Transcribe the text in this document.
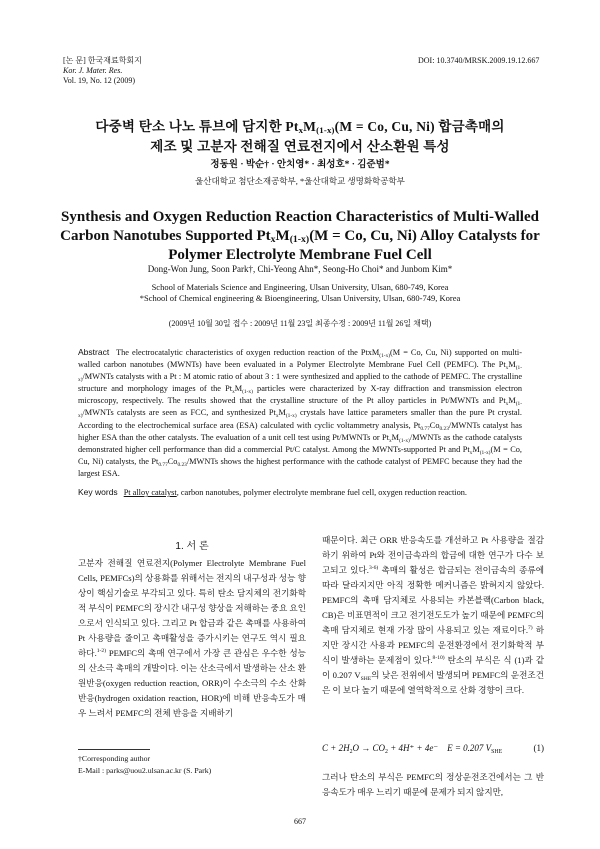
[논 문] 한국재료학회지
Kor. J. Mater. Res.
Vol. 19, No. 12 (2009)
DOI: 10.3740/MRSK.2009.19.12.667
다중벽 탄소 나노 튜브에 담지한 $Pt_xM_{(1-x)}(M = Co$, Cu, Ni) 합금촉매의
제조 및 고분자 전해질 연료전지에서 산소환원 특성
정동원 · 박순† · 안치영* · 최성호* · 김준범*
울산대학교 첨단소재공학부, *울산대학교 생명화학공학부
Synthesis and Oxygen Reduction Reaction Characteristics of Multi-Walled
Carbon Nanotubes Supported $Pt_xM_{(1-x)}(M = Co$, Cu, Ni) Alloy Catalysts for
Polymer Electrolyte Membrane Fuel Cell
Dong-Won Jung, Soon Park†, Chi-Yeong Ahn*, Seong-Ho Choi* and Junbom Kim*
School of Materials Science and Engineering, Ulsan University, Ulsan, 680-749, Korea
*School of Chemical engineering & Bioengineering, Ulsan University, Ulsan, 680-749, Korea
(2009년 10월 30일 접수 : 2009년 11월 23일 최종수정 : 2009년 11월 26일 채택)
Abstract The electrocatalytic characteristics of oxygen reduction reaction of the PtxM$_{(1-x)}$(M = Co, Cu, Ni) supported on multi-walled carbon nanotubes (MWNTs) have been evaluated in a Polymer Electrolyte Membrane Fuel Cell (PEMFC). The $Pt_xM_{(1-x)}$/MWNTs catalysts with a Pt : M atomic ratio of about 3 : 1 were synthesized and applied to the cathode of PEMFC. The crystalline structure and morphology images of the $Pt_xM_{(1-x)}$ particles were characterized by X-ray diffraction and transmission electron microscopy, respectively. The results showed that the crystalline structure of the Pt alloy particles in Pt/MWNTs and $Pt_xM_{(1-x)}$/MWNTs catalysts are seen as FCC, and synthesized $Pt_xM_{(1-x)}$ crystals have lattice parameters smaller than the pure Pt crystal. According to the electrochemical surface area (ESA) calculated with cyclic voltammetry analysis, $Pt_{0.77}Co_{0.23}$/MWNTs catalyst has higher ESA than the other catalysts. The evaluation of a unit cell test using Pt/MWNTs or $Pt_xM_{(1-x)}$/MWNTs as the cathode catalysts demonstrated higher cell performance than did a commercial Pt/C catalyst. Among the MWNTs-supported Pt and $Pt_xM_{(1-x)}(M = Co$, Cu, Ni) catalysts, the $Pt_{0.77}Co_{0.23}$/MWNTs shows the highest performance with the cathode catalyst of PEMFC because they had the largest ESA.
Key words Pt alloy catalyst, carbon nanotubes, polymer electrolyte membrane fuel cell, oxygen reduction reaction.
1. 서 론
고분자 전해질 연료전지(Polymer Electrolyte Membrane Fuel Cells, PEMFCs)의 상용화를 위해서는 전지의 내구성과 성능 향상이 핵심기술로 부각되고 있다. 특히 탄소 담지체의 전기화학적 부식이 PEMFC의 장시간 내구성 향상을 저해하는 중요 요인으로서 인식되고 있다. 그리고 Pt 합금과 같은 촉매를 사용하여 Pt 사용량을 줄이고 촉매활성을 증가시키는 연구도 역시 필요하다.$^{1-2)}$ PEMFC의 촉매 연구에서 가장 큰 관심은 우수한 성능의 산소극 촉매의 개발이다. 이는 산소극에서 발생하는 산소 환원반응(oxygen reduction reaction, ORR)이 수소극의 수소 산화반응(hydrogen oxidation reaction, HOR)에 비해 반응속도가 매우 느려서 PEMFC의 전체 반응을 지배하기
때문이다. 최근 ORR 반응속도를 개선하고 Pt 사용량을 절감하기 위하여 Pt와 전이금속과의 합금에 대한 연구가 다수 보고되고 있다.$^{3-6)}$ 촉매의 활성은 합금되는 전이금속의 종류에 따라 달라지지만 아직 정확한 메커니즘은 밝혀지지 않았다. PEMFC의 촉매 담지체로 사용되는 카본블랙(Carbon black, CB)은 비표면적이 크고 전기전도도가 높기 때문에 PEMFC의 촉매 담지체로 현재 가장 많이 사용되고 있는 재료이다.$^{7)}$ 하지만 장시간 사용과 PEMFC의 운전환경에서 전기화학적 부식이 발생하는 문제점이 있다.$^{8-10)}$ 탄소의 부식은 식 (1)과 같이 0.207 $V_{SHE}$의 낮은 전위에서 발생되며 PEMFC의 운전조건은 이 보다 높기 때문에 열역학적으로 산화 경향이 크다.
$C + 2H_2O \to CO_2 + 4H^+ + 4e^-$ E = 0.207 $V_{SHE}$	(1)
그러나 탄소의 부식은 PEMFC의 정상운전조건에서는 그 반응속도가 매우 느리기 때문에 문제가 되지 않지만,
†Corresponding author
E-Mail : parks@uou2.ulsan.ac.kr (S. Park)
667
